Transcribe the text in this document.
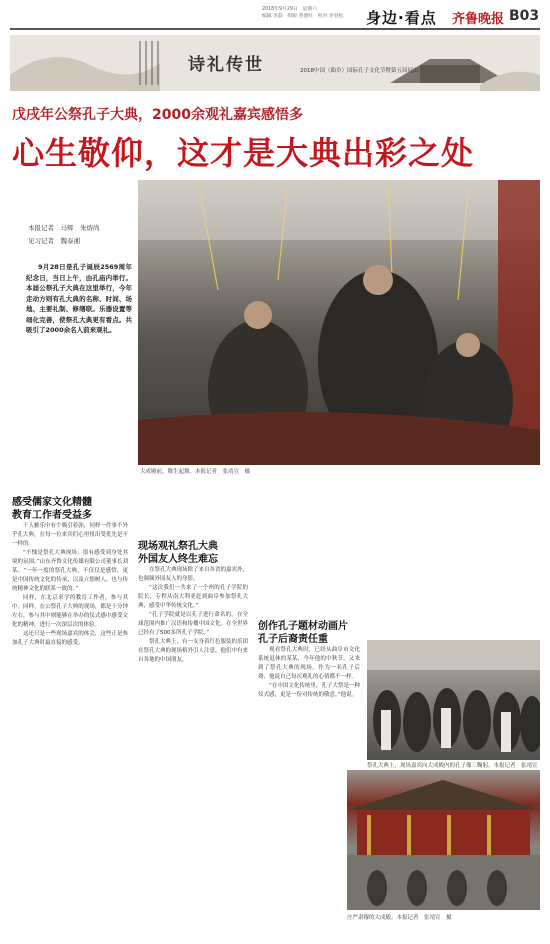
2018年9月29日　星期六
编辑 李磊　组版 曾德红　校对 李春松	身边·看点 齐鲁晚报 B03
诗礼传世	2018中国（曲阜）国际孔子文化节暨第五届尼山
戊戌年公祭孔子大典，2000余观礼嘉宾感悟多
心生敬仰，这才是大典出彩之处
本报记者　马辉　朱熔尚
见习记者　魏泰湘
9月28日是孔子诞辰2569周年纪念日，当日上午，由孔庙内举行。本届公祭孔子大典在这里举行，今年走动方则有孔大典的名称、时间、场地、主要礼制、修缮联。乐器设置等细化完善，使祭孔大典更有看点。共吸引了2000余名人前来观礼。
大成殿前，舞生起舞。本报记者　张靖宣　摄
感受儒家文化精髓
教育工作者受益多

千人雅乐中有个吸引着弥，同样一件事不外乎孔大典，在每一位来宾们心里扭出受优先是不一样的。

“不愧是祭孔大典现场，很有感受到身处其境的氛围。”山东齐鲁文化传媒有限公司董事长刘某。“一年一度的祭孔大典，不仅仅是感悟，更是中国传统文化的传承，以及立德树人，也与传统精神文化的联系一致的。”

同样，在北京求学的教育工作者，参与其中。同样，在公祭孔子大典的现场，都是十分钟左右，参与其中则能够在举办的仪式感中感受文化的精神，进行一次深层次的体验。

这还只是一些现场嘉宾的体会，这些正是参加孔子大典时最直接的感受。

现场观礼祭孔大典
外国友人终生难忘

在祭孔大典现场除了来自各省的嘉宾外，也频频外国友人的身影。

“这次我们一共来了一个州的孔子学院的院长，专程从南大利亚赶到曲阜参加祭孔大典，感受中华传统文化。”

“孔子学院就是以孔子进行命名的，在全球范围内推广汉语和传播中国文化。在全世界已经有了500多所孔子学院。”

祭孔大典上，有一支身着红色服装的乐团在祭孔大典的现场格外引人注意，他们中有来自各地的中国朋友。

创作孔子题材动画片
孔子后裔责任重

观看祭孔大典时，已经从曲阜市文化系统退休的某某，今年他的中秋节，又来到了祭孔大典的现场，作为一名孔子后裔，他说自己每次观礼的心情都不一样。

“在中国文化传统里，孔子大祭是一种仪式感，更是一份对传统的敬意。”他说。

祭孔大典上，现场嘉宾向大成殿内的孔子像三鞠躬。本报记者　张靖宣　
庄严肃穆的大成殿。本报记者　张靖宣　摄
